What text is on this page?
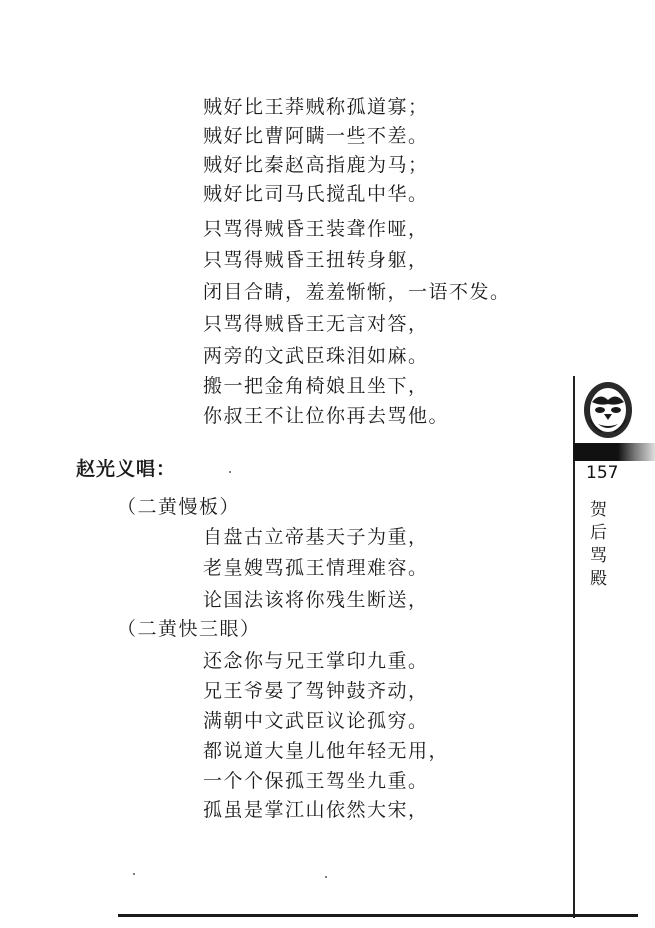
贼好比王莽贼称孤道寡；
贼好比曹阿瞒一些不差。
贼好比秦赵高指鹿为马；
贼好比司马氏搅乱中华。
只骂得贼昏王装聋作哑，
只骂得贼昏王扭转身躯，
闭目合睛，羞羞惭惭，一语不发。
只骂得贼昏王无言对答，
两旁的文武臣珠泪如麻。
搬一把金角椅娘且坐下，
你叔王不让位你再去骂他。
赵光义唱：
（二黄慢板）
自盘古立帝基天子为重，
老皇嫂骂孤王情理难容。
论国法该将你残生断送，
（二黄快三眼）
还念你与兄王掌印九重。
兄王爷晏了驾钟鼓齐动，
满朝中文武臣议论孤穷。
都说道大皇儿他年轻无用，
一个个保孤王驾坐九重。
孤虽是掌江山依然大宋，
157
贺后骂殿
